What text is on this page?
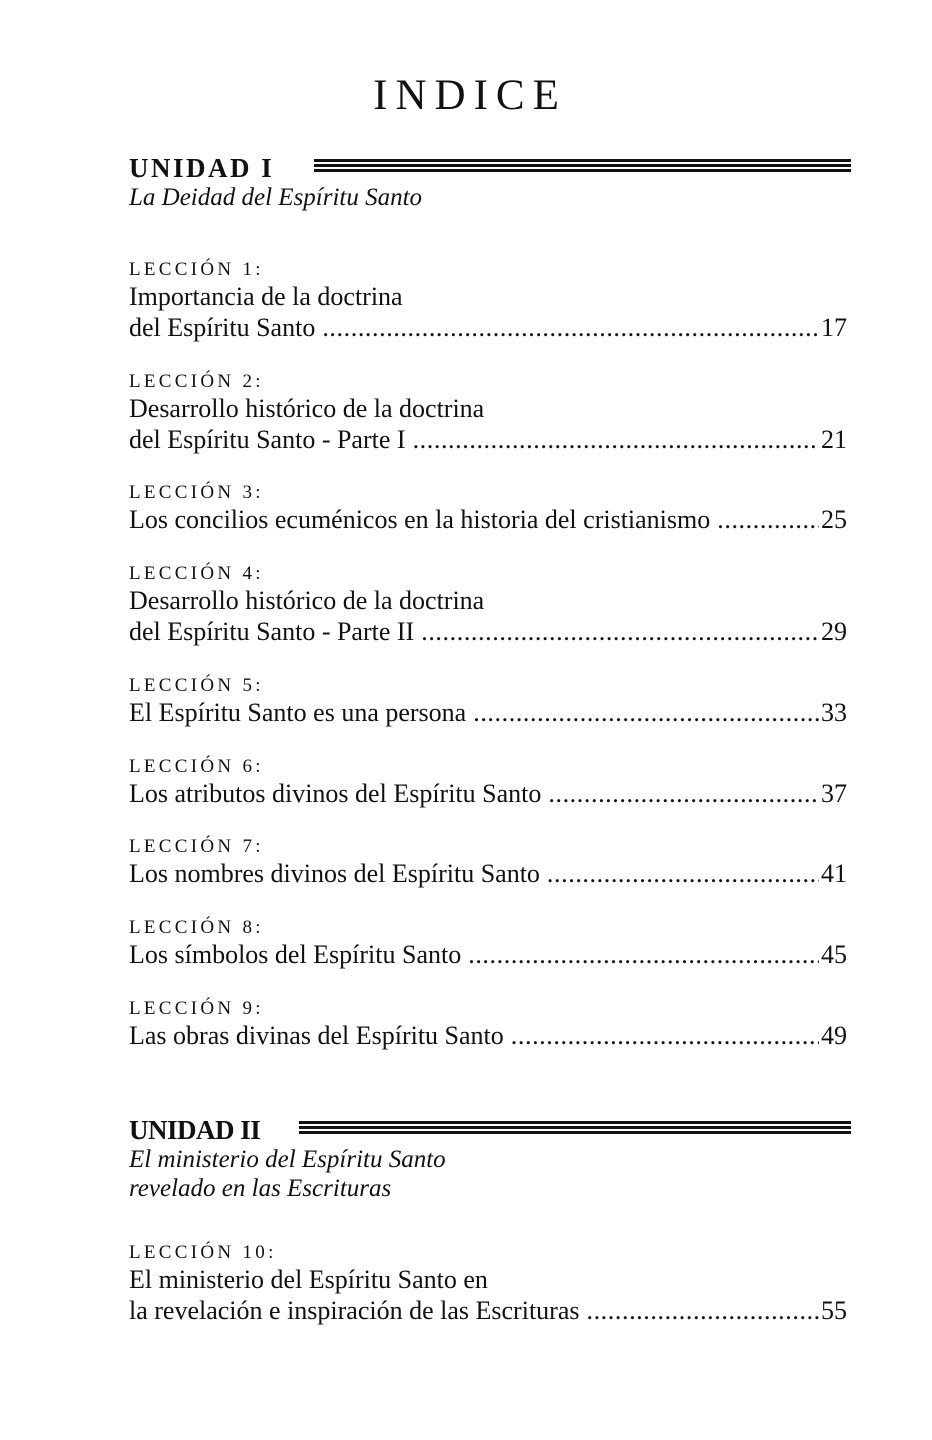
INDICE
UNIDAD I
La Deidad del Espíritu Santo
LECCIÓN 1:
Importancia de la doctrina
del Espíritu Santo .....	17
LECCIÓN 2:
Desarrollo histórico de la doctrina
del Espíritu Santo - Parte I .....	21
LECCIÓN 3:
Los concilios ecuménicos en la historia del cristianismo .....	25
LECCIÓN 4:
Desarrollo histórico de la doctrina
del Espíritu Santo - Parte II .....	29
LECCIÓN 5:
El Espíritu Santo es una persona .....	33
LECCIÓN 6:
Los atributos divinos del Espíritu Santo .....	37
LECCIÓN 7:
Los nombres divinos del Espíritu Santo .....	41
LECCIÓN 8:
Los símbolos del Espíritu Santo .....	45
LECCIÓN 9:
Las obras divinas del Espíritu Santo .....	49
UNIDAD II
El ministerio del Espíritu Santo
revelado en las Escrituras
LECCIÓN 10:
El ministerio del Espíritu Santo en
la revelación e inspiración de las Escrituras .....	55
